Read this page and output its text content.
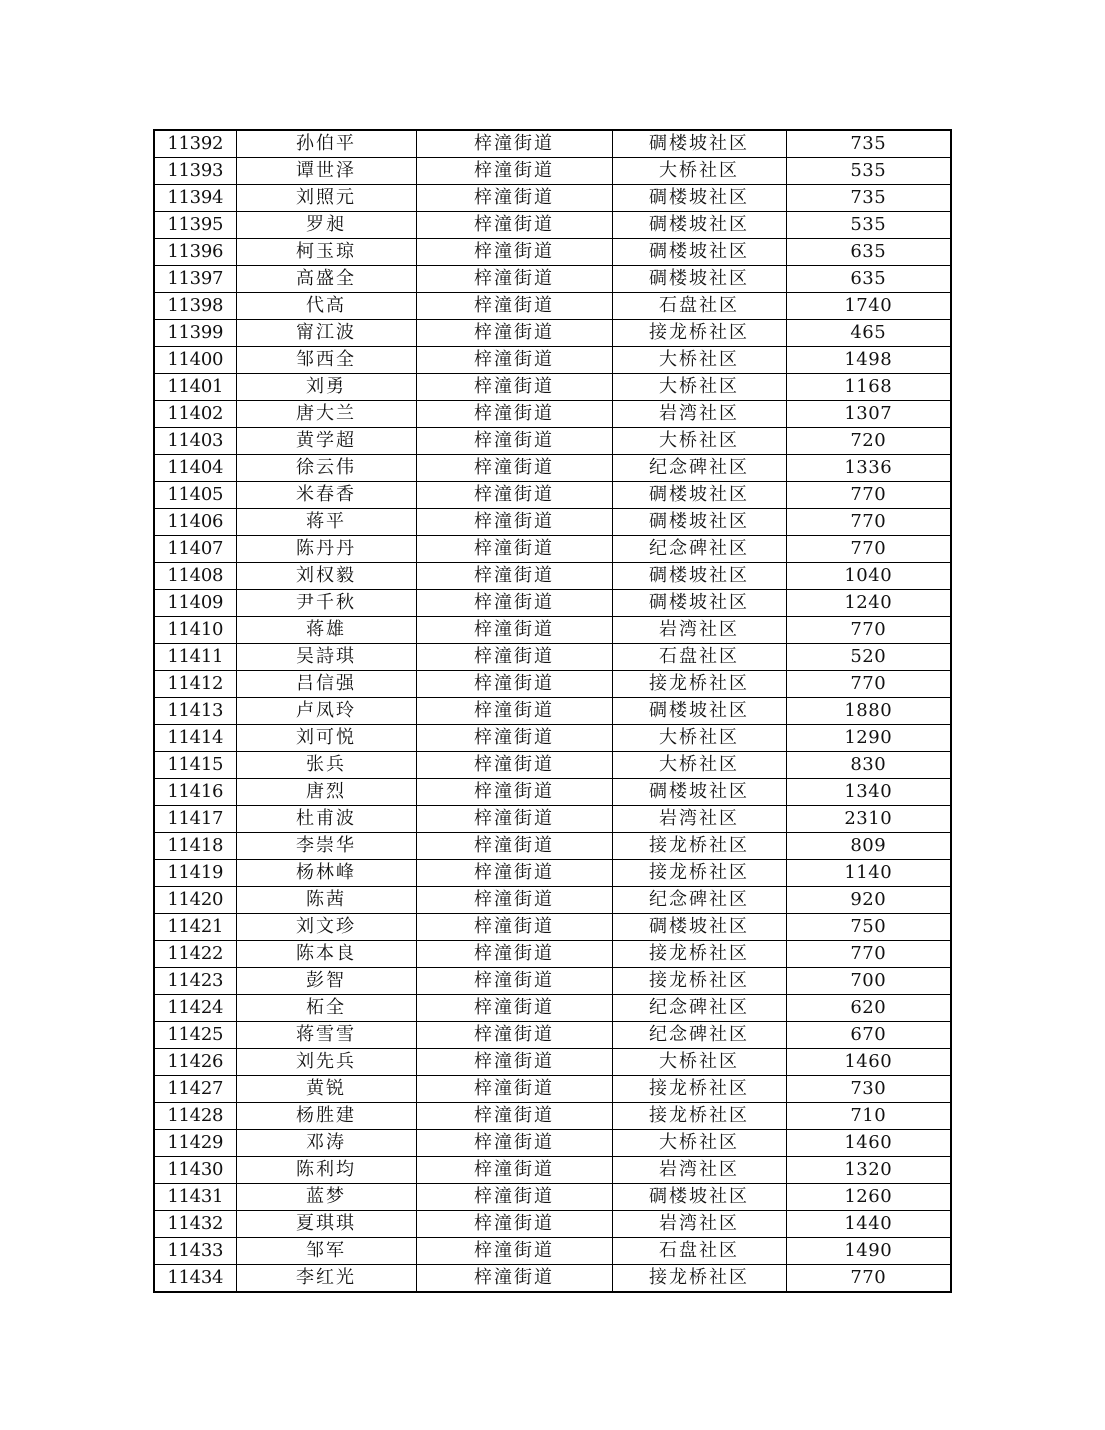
11392	孙伯平	梓潼街道	碉楼坡社区	735
11393	谭世泽	梓潼街道	大桥社区	535
11394	刘照元	梓潼街道	碉楼坡社区	735
11395	罗昶	梓潼街道	碉楼坡社区	535
11396	柯玉琼	梓潼街道	碉楼坡社区	635
11397	高盛全	梓潼街道	碉楼坡社区	635
11398	代高	梓潼街道	石盘社区	1740
11399	甯江波	梓潼街道	接龙桥社区	465
11400	邹西全	梓潼街道	大桥社区	1498
11401	刘勇	梓潼街道	大桥社区	1168
11402	唐大兰	梓潼街道	岩湾社区	1307
11403	黄学超	梓潼街道	大桥社区	720
11404	徐云伟	梓潼街道	纪念碑社区	1336
11405	米春香	梓潼街道	碉楼坡社区	770
11406	蒋平	梓潼街道	碉楼坡社区	770
11407	陈丹丹	梓潼街道	纪念碑社区	770
11408	刘权毅	梓潼街道	碉楼坡社区	1040
11409	尹千秋	梓潼街道	碉楼坡社区	1240
11410	蒋雄	梓潼街道	岩湾社区	770
11411	吴詩琪	梓潼街道	石盘社区	520
11412	吕信强	梓潼街道	接龙桥社区	770
11413	卢凤玲	梓潼街道	碉楼坡社区	1880
11414	刘可悦	梓潼街道	大桥社区	1290
11415	张兵	梓潼街道	大桥社区	830
11416	唐烈	梓潼街道	碉楼坡社区	1340
11417	杜甫波	梓潼街道	岩湾社区	2310
11418	李崇华	梓潼街道	接龙桥社区	809
11419	杨林峰	梓潼街道	接龙桥社区	1140
11420	陈茜	梓潼街道	纪念碑社区	920
11421	刘文珍	梓潼街道	碉楼坡社区	750
11422	陈本良	梓潼街道	接龙桥社区	770
11423	彭智	梓潼街道	接龙桥社区	700
11424	柘全	梓潼街道	纪念碑社区	620
11425	蒋雪雪	梓潼街道	纪念碑社区	670
11426	刘先兵	梓潼街道	大桥社区	1460
11427	黄锐	梓潼街道	接龙桥社区	730
11428	杨胜建	梓潼街道	接龙桥社区	710
11429	邓涛	梓潼街道	大桥社区	1460
11430	陈利均	梓潼街道	岩湾社区	1320
11431	蓝梦	梓潼街道	碉楼坡社区	1260
11432	夏琪琪	梓潼街道	岩湾社区	1440
11433	邹军	梓潼街道	石盘社区	1490
11434	李红光	梓潼街道	接龙桥社区	770
